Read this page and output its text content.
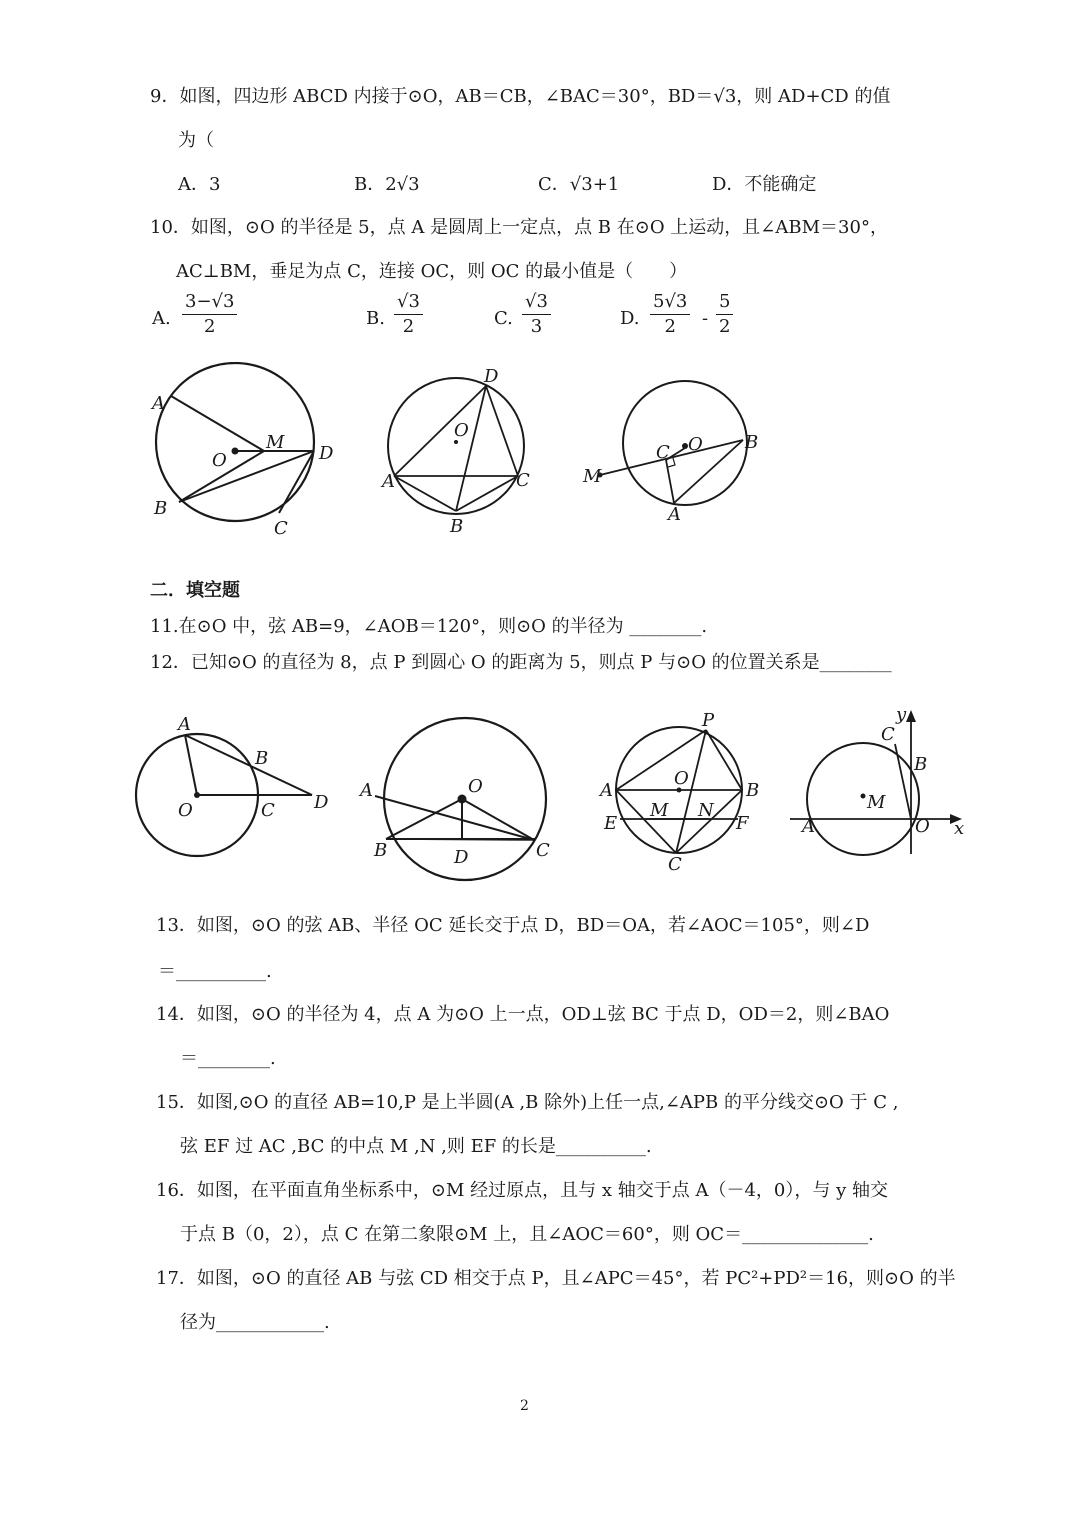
9．如图，四边形 ABCD 内接于⊙O，AB＝CB，∠BAC＝30°，BD＝√3，则 AD+CD 的值
为（
A．3	B．2√3	C．√3+1	D．不能确定
10．如图，⊙O 的半径是 5，点 A 是圆周上一定点，点 B 在⊙O 上运动，且∠ABM＝30°，
AC⊥BM，垂足为点 C，连接 OC，则 OC 的最小值是（　　）
A. $\frac{3-√3}{2}$	B. $\frac{√3}{2}$	C. $\frac{√3}{3}$	D. $\frac{5√3}{2} - \frac{5}{2}$
A
O
M
D
B
C
D
O
A	C
B
C O B
M
A
二．填空题
11.在⊙O 中，弦 AB=9，∠AOB＝120°，则⊙O 的半径为 ________.
12．已知⊙O 的直径为 8，点 P 到圆心 O 的距离为 5，则点 P 与⊙O 的位置关系是________
A
B
O	C D
A	O
B	D	C
P
A
O
B
M N
E	F
C
y
C
B
M
A	O x
13．如图，⊙O 的弦 AB、半径 OC 延长交于点 D，BD＝OA，若∠AOC＝105°，则∠D
＝__________.
14．如图，⊙O 的半径为 4，点 A 为⊙O 上一点，OD⊥弦 BC 于点 D，OD＝2，则∠BAO
＝________.
15．如图,⊙O 的直径 AB=10,P 是上半圆(A ,B 除外)上任一点,∠APB 的平分线交⊙O 于 C ,
弦 EF 过 AC ,BC 的中点 M ,N ,则 EF 的长是__________.
16．如图，在平面直角坐标系中，⊙M 经过原点，且与 x 轴交于点 A（－4，0），与 y 轴交
于点 B（0，2），点 C 在第二象限⊙M 上，且∠AOC＝60°，则 OC＝______________.
17．如图，⊙O 的直径 AB 与弦 CD 相交于点 P，且∠APC＝45°，若 PC²+PD²＝16，则⊙O 的半
径为____________.
2
